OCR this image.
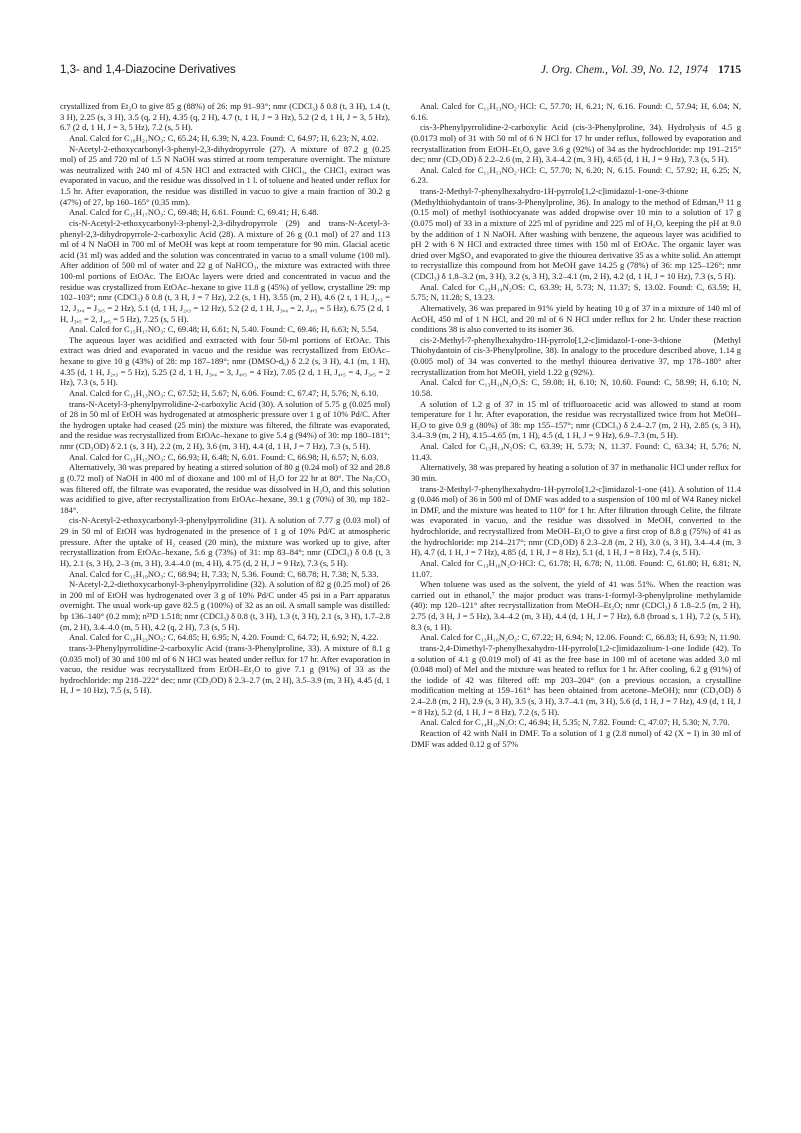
1,3- and 1,4-Diazocine Derivatives	J. Org. Chem., Vol. 39, No. 12, 1974 1715

crystallized from Et₂O to give 85 g (88%) of 26: mp 91–93°; nmr (CDCl₃) δ 0.8 (t, 3 H), 1.4 (t, 3 H), 2.25 (s, 3 H), 3.5 (q, 2 H), 4.35 (q, 2 H), 4.7 (t, 1 H, J = 3 Hz), 5.2 (2 d, 1 H, J = 3, 5 Hz), 6.7 (2 d, 1 H, J = 3, 5 Hz), 7.2 (s, 5 H).

Anal. Calcd for C₁₈H₂₁NO₃: C, 65.24; H, 6.39; N, 4.23. Found: C, 64.97; H, 6.23; N, 4.02.

N-Acetyl-2-ethoxycarbonyl-3-phenyl-2,3-dihydropyrrole (27). A mixture of 87.2 g (0.25 mol) of 25 and 720 ml of 1.5 N NaOH was stirred at room temperature overnight. The mixture was neutralized with 240 ml of 4.5N HCl and extracted with CHCl₃, the CHCl₃ extract was evaporated in vacuo, and the residue was dissolved in 1 l. of toluene and heated under reflux for 1.5 hr. After evaporation, the residue was distilled in vacuo to give a main fraction of 30.2 g (47%) of 27, bp 160–165° (0.35 mm).

Anal. Calcd for C₁₅H₁₇NO₃: C, 69.48; H, 6.61. Found: C, 69.41; H, 6.48.

cis-N-Acetyl-2-ethoxycarbonyl-3-phenyl-2,3-dihydropyrrole (29) and trans-N-Acetyl-3-phenyl-2,3-dihydropyrrole-2-carboxylic Acid (28). A mixture of 26 g (0.1 mol) of 27 and 113 ml of 4 N NaOH in 700 ml of MeOH was kept at room temperature for 90 min. Glacial acetic acid (31 ml) was added and the solution was concentrated in vacuo to a small volume (100 ml). After addition of 500 ml of water and 22 g of NaHCO₃, the mixture was extracted with three 100-ml portions of EtOAc. The EtOAc layers were dried and concentrated in vacuo and the residue was crystallized from EtOAc–hexane to give 11.8 g (45%) of yellow, crystalline 29: mp 102–103°; nmr (CDCl₃) δ 0.8 (t, 3 H, J = 7 Hz), 2.2 (s, 1 H), 3.55 (m, 2 H), 4.6 (2 t, 1 H, J₂,₃ = 12, J₃,₄ = J₃,₅ = 2 Hz), 5.1 (d, 1 H, J₂,₃ = 12 Hz), 5.2 (2 d, 1 H, J₃,₄ = 2, J₄,₅ = 5 Hz), 6.75 (2 d, 1 H, J₃,₅ = 2, J₄,₅ = 5 Hz), 7.25 (s, 5 H).

Anal. Calcd for C₁₅H₁₇NO₃: C, 69.48; H, 6.61; N, 5.40. Found: C, 69.46; H, 6.63; N, 5.54.

The aqueous layer was acidified and extracted with four 50-ml portions of EtOAc. This extract was dried and evaporated in vacuo and the residue was recrystallized from EtOAc–hexane to give 10 g (43%) of 28: mp 187–189°; nmr (DMSO-d₆) δ 2.2 (s, 3 H), 4.1 (m, 1 H), 4.35 (d, 1 H, J₂,₃ = 5 Hz), 5.25 (2 d, 1 H, J₃,₄ = 3, J₄,₅ = 4 Hz), 7.05 (2 d, 1 H, J₄,₅ = 4, J₃,₅ = 2 Hz), 7.3 (s, 5 H).

Anal. Calcd for C₁₃H₁₃NO₃: C, 67.52; H, 5.67; N, 6.06. Found: C, 67.47; H, 5.76; N, 6.10.

trans-N-Acetyl-3-phenylpyrrolidine-2-carboxylic Acid (30). A solution of 5.75 g (0.025 mol) of 28 in 50 ml of EtOH was hydrogenated at atmospheric pressure over 1 g of 10% Pd/C. After the hydrogen uptake had ceased (25 min) the mixture was filtered, the filtrate was evaporated, and the residue was recrystallized from EtOAc–hexane to give 5.4 g (94%) of 30: mp 180–181°; nmr (CD₃OD) δ 2.1 (s, 3 H), 2.2 (m, 2 H), 3.6 (m, 3 H), 4.4 (d, 1 H, J = 7 Hz), 7.3 (s, 5 H).

Anal. Calcd for C₁₃H₁₅NO₃: C, 66.93; H, 6.48; N, 6.01. Found: C, 66.98; H, 6.57; N, 6.03.

Alternatively, 30 was prepared by heating a stirred solution of 80 g (0.24 mol) of 32 and 28.8 g (0.72 mol) of NaOH in 400 ml of dioxane and 100 ml of H₂O for 22 hr at 80°. The Na₂CO₃ was filtered off, the filtrate was evaporated, the residue was dissolved in H₂O, and this solution was acidified to give, after recrystallization from EtOAc–hexane, 39.1 g (70%) of 30, mp 182–184°.

cis-N-Acetyl-2-ethoxycarbonyl-3-phenylpyrrolidine (31). A solution of 7.77 g (0.03 mol) of 29 in 50 ml of EtOH was hydrogenated in the presence of 1 g of 10% Pd/C at atmospheric pressure. After the uptake of H₂ ceased (20 min), the mixture was worked up to give, after recrystallization from EtOAc–hexane, 5.6 g (73%) of 31: mp 83–84°; nmr (CDCl₃) δ 0.8 (t, 3 H), 2.1 (s, 3 H), 2–3 (m, 3 H), 3.4–4.0 (m, 4 H), 4.75 (d, 2 H, J = 9 Hz), 7.3 (s, 5 H).

Anal. Calcd for C₁₅H₁₉NO₃: C, 68.94; H, 7.33; N, 5.36. Found: C, 68.78; H, 7.38; N, 5.33.

N-Acetyl-2,2-diethoxycarbonyl-3-phenylpyrrolidine (32). A solution of 82 g (0.25 mol) of 26 in 200 ml of EtOH was hydrogenated over 3 g of 10% Pd/C under 45 psi in a Parr apparatus overnight. The usual work-up gave 82.5 g (100%) of 32 as an oil. A small sample was distilled: bp 136–140° (0.2 mm); n²⁵D 1.518; nmr (CDCl₃) δ 0.8 (t, 3 H), 1.3 (t, 3 H), 2.1 (s, 3 H), 1.7–2.8 (m, 2 H), 3.4–4.0 (m, 5 H), 4.2 (q, 2 H), 7.3 (s, 5 H).

Anal. Calcd for C₁₈H₂₃NO₅: C, 64.85; H, 6.95; N, 4.20. Found: C, 64.72; H, 6.92; N, 4.22.

trans-3-Phenylpyrrolidine-2-carboxylic Acid (trans-3-Phenylproline, 33). A mixture of 8.1 g (0.035 mol) of 30 and 100 ml of 6 N HCl was heated under reflux for 17 hr. After evaporation in vacuo, the residue was recrystallized from EtOH–Et₂O to give 7.1 g (91%) of 33 as the hydrochloride: mp 218–222° dec; nmr (CD₃OD) δ 2.3–2.7 (m, 2 H), 3.5–3.9 (m, 3 H), 4.45 (d, 1 H, J = 10 Hz), 7.5 (s, 5 H).

Anal. Calcd for C₁₁H₁₃NO₂·HCl: C, 57.70; H, 6.21; N, 6.16. Found: C, 57.94; H, 6.04; N, 6.16.

cis-3-Phenylpyrrolidine-2-carboxylic Acid (cis-3-Phenylproline, 34). Hydrolysis of 4.5 g (0.0173 mol) of 31 with 50 ml of 6 N HCl for 17 hr under reflux, followed by evaporation and recrystallization from EtOH–Et₂O, gave 3.6 g (92%) of 34 as the hydrochloride: mp 191–215° dec; nmr (CD₃OD) δ 2.2–2.6 (m, 2 H), 3.4–4.2 (m, 3 H), 4.65 (d, 1 H, J = 9 Hz), 7.3 (s, 5 H).

Anal. Calcd for C₁₁H₁₃NO₂·HCl: C, 57.70; N, 6.20; N, 6.15. Found: C, 57.92; H, 6.25; N, 6.23.

trans-2-Methyl-7-phenylhexahydro-1H-pyrrolo[1,2-c]imidazol-1-one-3-thione (Methylthiohydantoin of trans-3-Phenylproline, 36). In analogy to the method of Edman,¹³ 11 g (0.15 mol) of methyl isothiocyanate was added dropwise over 10 min to a solution of 17 g (0.075 mol) of 33 in a mixture of 225 ml of pyridine and 225 ml of H₂O, keeping the pH at 9.0 by the addition of 1 N NaOH. After washing with benzene, the aqueous layer was acidified to pH 2 with 6 N HCl and extracted three times with 150 ml of EtOAc. The organic layer was dried over MgSO₄ and evaporated to give the thiourea derivative 35 as a white solid. An attempt to recrystallize this compound from hot MeOH gave 14.25 g (78%) of 36: mp 125–126°; nmr (CDCl₃) δ 1.8–3.2 (m, 3 H), 3.2 (s, 3 H), 3.2–4.1 (m, 2 H), 4.2 (d, 1 H, J = 10 Hz), 7.3 (s, 5 H).

Anal. Calcd for C₁₃H₁₄N₂OS: C, 63.39; H, 5.73; N, 11.37; S, 13.02. Found: C, 63.59; H, 5.75; N, 11.28; S, 13.23.

Alternatively, 36 was prepared in 91% yield by heating 10 g of 37 in a mixture of 140 ml of AcOH, 450 ml of 1 N HCl, and 20 ml of 6 N HCl under reflux for 2 hr. Under these reaction conditions 38 is also converted to its isomer 36.

cis-2-Methyl-7-phenylhexahydro-1H-pyrrolo[1,2-c]imidazol-1-one-3-thione (Methyl Thiohydantoin of cis-3-Phenylproline, 38). In analogy to the procedure described above, 1.14 g (0.005 mol) of 34 was converted to the methyl thiourea derivative 37, mp 178–180° after recrystallization from hot MeOH, yield 1.22 g (92%).

Anal. Calcd for C₁₃H₁₆N₂O₂S: C, 59.08; H, 6.10; N, 10.60. Found: C, 58.99; H, 6.10; N, 10.58.

A solution of 1.2 g of 37 in 15 ml of trifluoroacetic acid was allowed to stand at room temperature for 1 hr. After evaporation, the residue was recrystallized twice from hot MeOH–H₂O to give 0.9 g (80%) of 38: mp 155–157°; nmr (CDCl₃) δ 2.4–2.7 (m, 2 H), 2.85 (s, 3 H), 3.4–3.9 (m, 2 H), 4.15–4.65 (m, 1 H), 4.5 (d, 1 H, J = 9 Hz), 6.9–7.3 (m, 5 H).

Anal. Calcd for C₁₃H₁₄N₂OS: C, 63.39; H, 5.73; N, 11.37. Found: C, 63.34; H, 5.76; N, 11.43.

Alternatively, 38 was prepared by heating a solution of 37 in methanolic HCl under reflux for 30 min.

trans-2-Methyl-7-phenylhexahydro-1H-pyrrolo[1,2-c]imidazol-1-one (41). A solution of 11.4 g (0.046 mol) of 36 in 500 ml of DMF was added to a suspension of 100 ml of W4 Raney nickel in DMF, and the mixture was heated to 110° for 1 hr. After filtration through Celite, the filtrate was evaporated in vacuo, and the residue was dissolved in MeOH, converted to the hydrochloride, and recrystallized from MeOH–Et₂O to give a first crop of 8.8 g (75%) of 41 as the hydrochloride: mp 214–217°; nmr (CD₃OD) δ 2.3–2.8 (m, 2 H), 3.0 (s, 3 H), 3.4–4.4 (m, 3 H), 4.7 (d, 1 H, J = 7 Hz), 4.85 (d, 1 H, J = 8 Hz), 5.1 (d, 1 H, J = 8 Hz), 7.4 (s, 5 H).

Anal. Calcd for C₁₃H₁₆N₂O·HCl: C, 61.78; H, 6.78; N, 11.08. Found: C, 61.80; H, 6.81; N, 11.07.

When toluene was used as the solvent, the yield of 41 was 51%. When the reaction was carried out in ethanol,⁷ the major product was trans-1-formyl-3-phenylproline methylamide (40): mp 120–121° after recrystallization from MeOH–Et₂O; nmr (CDCl₃) δ 1.8–2.5 (m, 2 H), 2.75 (d, 3 H, J = 5 Hz), 3.4–4.2 (m, 3 H), 4.4 (d, 1 H, J = 7 Hz), 6.8 (broad s, 1 H), 7.2 (s, 5 H), 8.3 (s, 1 H).

Anal. Calcd for C₁₃H₁₆N₂O₂: C, 67.22; H, 6.94; N, 12.06. Found: C, 66.83; H, 6.93; N, 11.90.

trans-2,4-Dimethyl-7-phenylhexahydro-1H-pyrrolo[1,2-c]imidazolium-1-one Iodide (42). To a solution of 4.1 g (0.019 mol) of 41 as the free base in 100 ml of acetone was added 3.0 ml (0.048 mol) of MeI and the mixture was heated to reflux for 1 hr. After cooling, 6.2 g (91%) of the iodide of 42 was filtered off: mp 203–204° (on a previous occasion, a crystalline modification melting at 159–161° has been obtained from acetone–MeOH); nmr (CD₃OD) δ 2.4–2.8 (m, 2 H), 2.9 (s, 3 H), 3.5 (s, 3 H), 3.7–4.1 (m, 3 H), 5.6 (d, 1 H, J = 7 Hz), 4.9 (d, 1 H, J = 8 Hz), 5.2 (d, 1 H, J = 8 Hz), 7.2 (s, 5 H).

Anal. Calcd for C₁₄H₁₉N₂O: C, 46.94; H, 5.35; N, 7.82. Found: C, 47.07; H, 5.30; N, 7.70.

Reaction of 42 with NaH in DMF. To a solution of 1 g (2.8 mmol) of 42 (X = I) in 30 ml of DMF was added 0.12 g of 57%
